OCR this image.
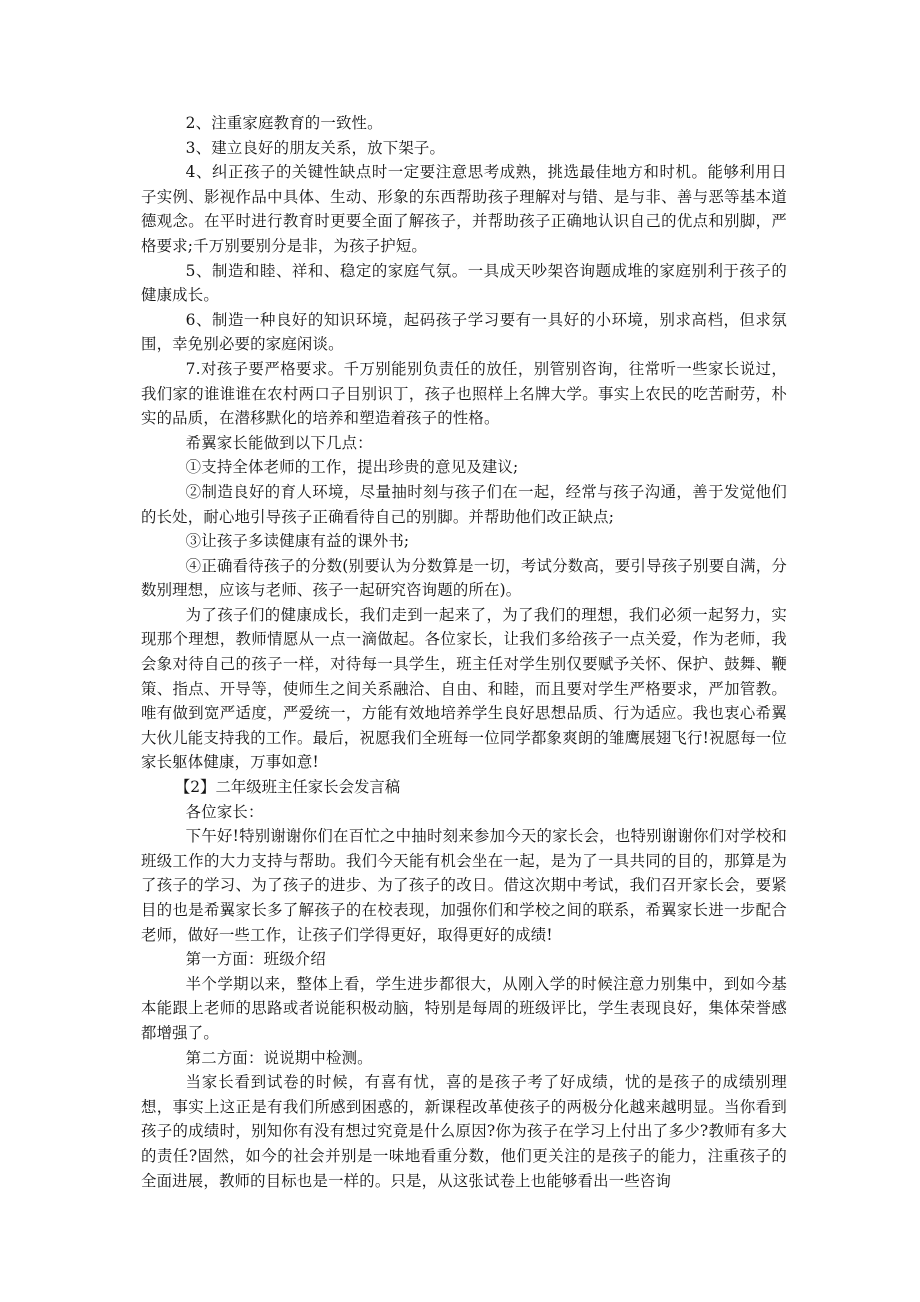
2、注重家庭教育的一致性。

3、建立良好的朋友关系，放下架子。

4、纠正孩子的关键性缺点时一定要注意思考成熟，挑选最佳地方和时机。能够利用日子实例、影视作品中具体、生动、形象的东西帮助孩子理解对与错、是与非、善与恶等基本道德观念。在平时进行教育时更要全面了解孩子，并帮助孩子正确地认识自己的优点和别脚，严格要求;千万别要别分是非，为孩子护短。

5、制造和睦、祥和、稳定的家庭气氛。一具成天吵架咨询题成堆的家庭别利于孩子的健康成长。

6、制造一种良好的知识环境，起码孩子学习要有一具好的小环境，别求高档，但求氛围，幸免别必要的家庭闲谈。

7.对孩子要严格要求。千万别能别负责任的放任，别管别咨询，往常听一些家长说过，我们家的谁谁谁在农村两口子目别识丁，孩子也照样上名牌大学。事实上农民的吃苦耐劳，朴实的品质，在潜移默化的培养和塑造着孩子的性格。

希翼家长能做到以下几点：

①支持全体老师的工作，提出珍贵的意见及建议;

②制造良好的育人环境，尽量抽时刻与孩子们在一起，经常与孩子沟通，善于发觉他们的长处，耐心地引导孩子正确看待自己的别脚。并帮助他们改正缺点;

③让孩子多读健康有益的课外书;

④正确看待孩子的分数(别要认为分数算是一切，考试分数高，要引导孩子别要自满，分数别理想，应该与老师、孩子一起研究咨询题的所在)。

为了孩子们的健康成长，我们走到一起来了，为了我们的理想，我们必须一起努力，实现那个理想，教师情愿从一点一滴做起。各位家长，让我们多给孩子一点关爱，作为老师，我会象对待自己的孩子一样，对待每一具学生，班主任对学生别仅要赋予关怀、保护、鼓舞、鞭策、指点、开导等，使师生之间关系融洽、自由、和睦，而且要对学生严格要求，严加管教。唯有做到宽严适度，严爱统一，方能有效地培养学生良好思想品质、行为适应。我也衷心希翼大伙儿能支持我的工作。最后，祝愿我们全班每一位同学都象爽朗的雏鹰展翅飞行!祝愿每一位家长躯体健康，万事如意!

【2】二年级班主任家长会发言稿

各位家长：

下午好!特别谢谢你们在百忙之中抽时刻来参加今天的家长会，也特别谢谢你们对学校和班级工作的大力支持与帮助。我们今天能有机会坐在一起，是为了一具共同的目的，那算是为了孩子的学习、为了孩子的进步、为了孩子的改日。借这次期中考试，我们召开家长会，要紧目的也是希翼家长多了解孩子的在校表现，加强你们和学校之间的联系，希翼家长进一步配合老师，做好一些工作，让孩子们学得更好，取得更好的成绩!

第一方面：班级介绍

半个学期以来，整体上看，学生进步都很大，从刚入学的时候注意力别集中，到如今基本能跟上老师的思路或者说能积极动脑，特别是每周的班级评比，学生表现良好，集体荣誉感都增强了。

第二方面：说说期中检测。

当家长看到试卷的时候，有喜有忧，喜的是孩子考了好成绩，忧的是孩子的成绩别理想，事实上这正是有我们所感到困惑的，新课程改革使孩子的两极分化越来越明显。当你看到孩子的成绩时，别知你有没有想过究竟是什么原因?你为孩子在学习上付出了多少?教师有多大的责任?固然，如今的社会并别是一味地看重分数，他们更关注的是孩子的能力，注重孩子的全面进展，教师的目标也是一样的。只是，从这张试卷上也能够看出一些咨询
